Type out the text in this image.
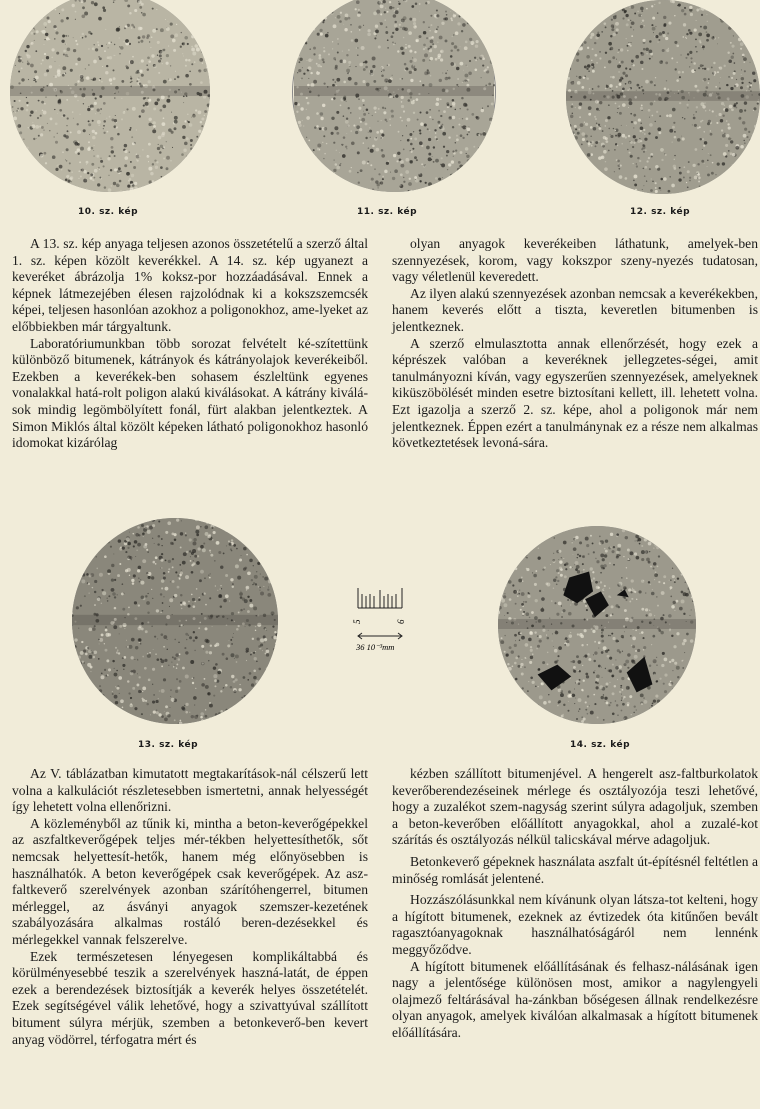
10. sz. kép	11. sz. kép	12. sz. kép

A 13. sz. kép anyaga teljesen azonos összetételű a szerző által 1. sz. képen közölt keverékkel. A 14. sz. kép ugyanezt a keveréket ábrázolja 1% koksz-por hozzáadásával. Ennek a képnek látmezejében élesen rajzolódnak ki a kokszszemcsék képei, teljesen hasonlóan azokhoz a poligonokhoz, ame-lyeket az előbbiekben már tárgyaltunk.

Laboratóriumunkban több sorozat felvételt ké-szítettünk különböző bitumenek, kátrányok és kátrányolajok keverékeiből. Ezekben a keverékek-ben sohasem észleltünk egyenes vonalakkal hatá-rolt poligon alakú kiválásokat. A kátrány kiválá-sok mindig legömbölyített fonál, fürt alakban jelentkeztek. A Simon Miklós által közölt képeken látható poligonokhoz hasonló idomokat kizárólag

olyan anyagok keverékeiben láthatunk, amelyek-ben szennyezések, korom, vagy kokszpor szeny-nyezés tudatosan, vagy véletlenül keveredett.

Az ilyen alakú szennyezések azonban nemcsak a keverékekben, hanem keverés előtt a tiszta, keveretlen bitumenben is jelentkeznek.

A szerző elmulasztotta annak ellenőrzését, hogy ezek a képrészek valóban a keveréknek jellegzetes-ségei, amit tanulmányozni kíván, vagy egyszerűen szennyezések, amelyeknek kiküszöbölését minden esetre biztosítani kellett, ill. lehetett volna. Ezt igazolja a szerző 2. sz. képe, ahol a poligonok már nem jelentkeznek. Éppen ezért a tanulmánynak ez a része nem alkalmas következtetések levoná-sára.

13. sz. kép
5	6
36 10⁻³mm
14. sz. kép

Az V. táblázatban kimutatott megtakarítások-nál célszerű lett volna a kalkulációt részletesebben ismertetni, annak helyességét így lehetett volna ellenőrizni.

A közleményből az tűnik ki, mintha a beton-keverőgépekkel az aszfaltkeverőgépek teljes mér-tékben helyettesíthetők, sőt nemcsak helyettesít-hetők, hanem még előnyösebben is használhatók. A beton keverőgépek csak keverőgépek. Az asz-faltkeverő szerelvények azonban szárítóhengerrel, bitumen mérleggel, az ásványi anyagok szemszer-kezetének szabályozására alkalmas rostáló beren-dezésekkel és mérlegekkel vannak felszerelve.

Ezek természetesen lényegesen komplikáltabbá és körülményesebbé teszik a szerelvények haszná-latát, de éppen ezek a berendezések biztosítják a keverék helyes összetételét. Ezek segítségével válik lehetővé, hogy a szivattyúval szállított bitument súlyra mérjük, szemben a betonkeverő-ben kevert anyag vödörrel, térfogatra mért és

kézben szállított bitumenjével. A hengerelt asz-faltburkolatok keverőberendezéseinek mérlege és osztályozója teszi lehetővé, hogy a zuzalékot szem-nagyság szerint súlyra adagoljuk, szemben a beton-keverőben előállított anyagokkal, ahol a zuzalé-kot szárítás és osztályozás nélkül talicskával mérve adagoljuk.

Betonkeverő gépeknek használata aszfalt út-építésnél feltétlen a minőség romlását jelentené.

Hozzászólásunkkal nem kívánunk olyan látsza-tot kelteni, hogy a hígított bitumenek, ezeknek az évtizedek óta kitűnően bevált ragasztóanyagoknak használhatóságáról nem lennénk meggyőződve.

A hígított bitumenek előállításának és felhasz-nálásának igen nagy a jelentősége különösen most, amikor a nagylengyeli olajmező feltárásával ha-zánkban bőségesen állnak rendelkezésre olyan anyagok, amelyek kiválóan alkalmasak a hígított bitumenek előállítására.
